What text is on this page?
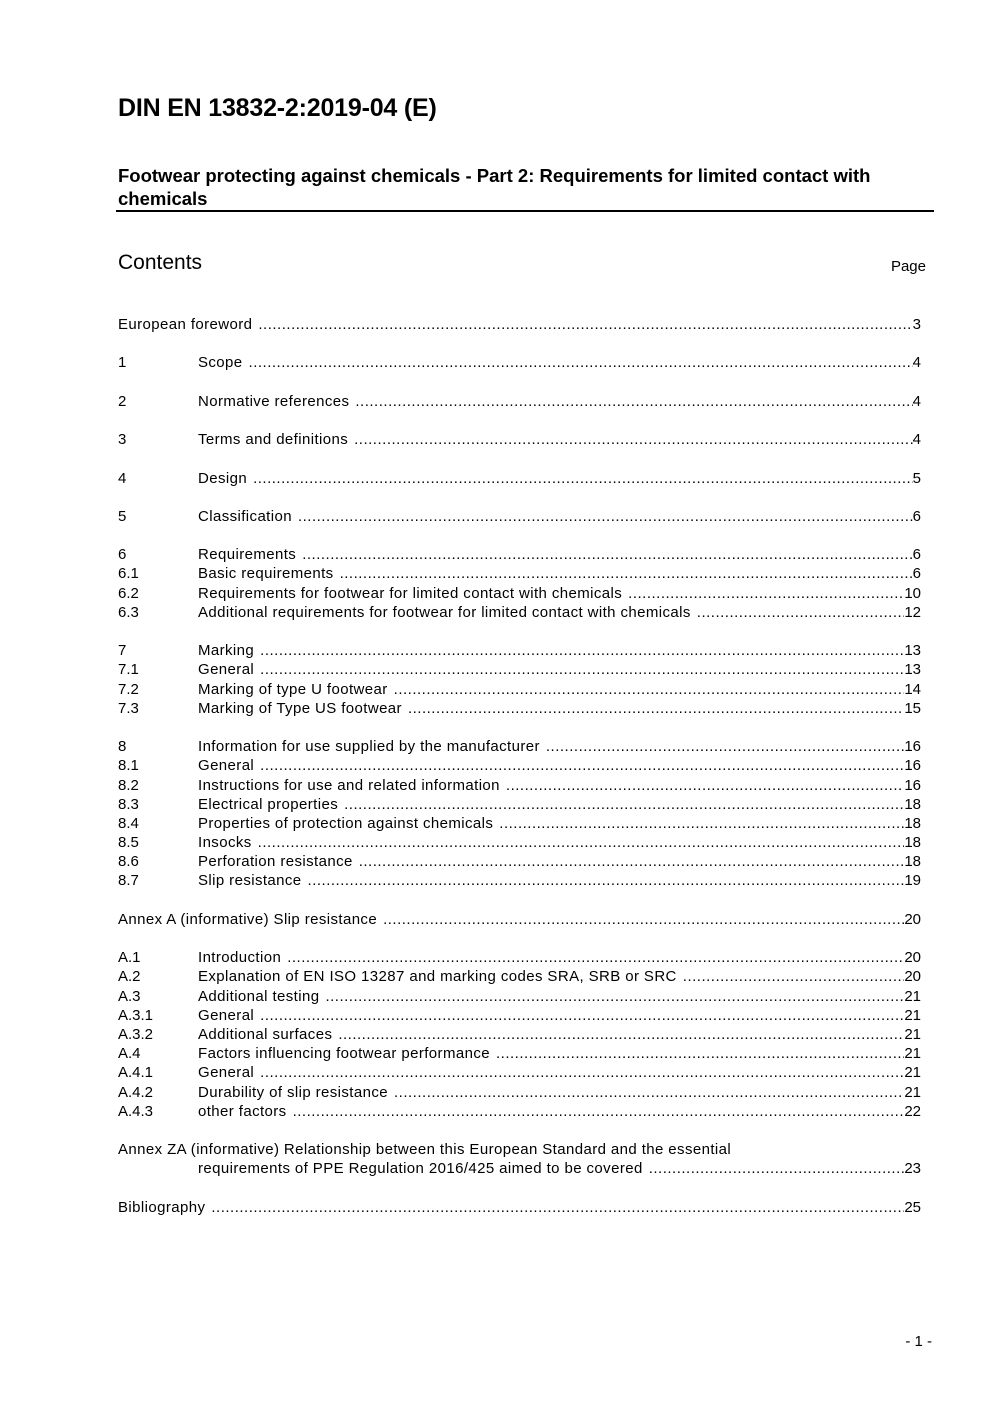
DIN EN 13832-2:2019-04 (E)
Footwear protecting against chemicals - Part 2: Requirements for limited contact with chemicals
Contents	Page
European foreword .....	3
1	Scope .....	4
2	Normative references .....	4
3	Terms and definitions .....	4
4	Design .....	5
5	Classification .....	6
6	Requirements .....	6
6.1	Basic requirements .....	6
6.2	Requirements for footwear for limited contact with chemicals .....	10
6.3	Additional requirements for footwear for limited contact with chemicals .....	12
7	Marking .....	13
7.1	General .....	13
7.2	Marking of type U footwear .....	14
7.3	Marking of Type US footwear .....	15
8	Information for use supplied by the manufacturer .....	16
8.1	General .....	16
8.2	Instructions for use and related information .....	16
8.3	Electrical properties .....	18
8.4	Properties of protection against chemicals .....	18
8.5	Insocks .....	18
8.6	Perforation resistance .....	18
8.7	Slip resistance .....	19
Annex A (informative) Slip resistance .....	20
A.1	Introduction .....	20
A.2	Explanation of EN ISO 13287 and marking codes SRA, SRB or SRC .....	20
A.3	Additional testing .....	21
A.3.1	General .....	21
A.3.2	Additional surfaces .....	21
A.4	Factors influencing footwear performance .....	21
A.4.1	General .....	21
A.4.2	Durability of slip resistance .....	21
A.4.3	other factors .....	22
Annex ZA (informative) Relationship between this European Standard and the essential
requirements of PPE Regulation 2016/425 aimed to be covered .....	23
Bibliography .....	25
- 1 -
